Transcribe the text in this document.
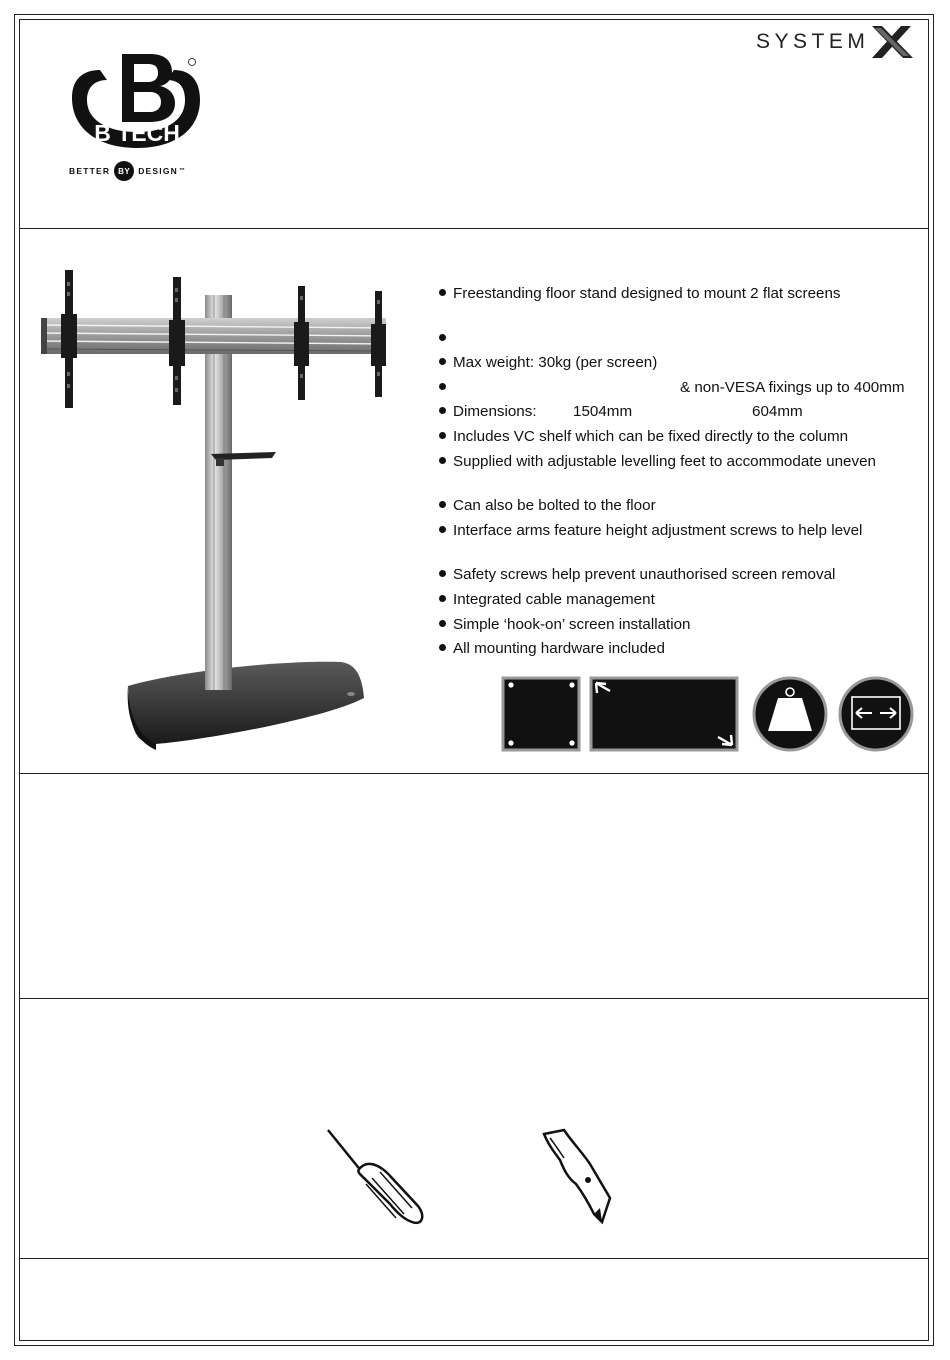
B TECH
BETTER BY DESIGN ™
SYSTEM
Freestanding floor stand designed to mount 2 flat screens
Max weight: 30kg (per screen)
& non-VESA fixings up to 400mm
Dimensions: 1504mm	604mm
Includes VC shelf which can be fixed directly to the column
Supplied with adjustable levelling feet to accommodate uneven
Can also be bolted to the floor
Interface arms feature height adjustment screws to help level
Safety screws help prevent unauthorised screen removal
Integrated cable management
Simple ‘hook-on’ screen installation
All mounting hardware included
